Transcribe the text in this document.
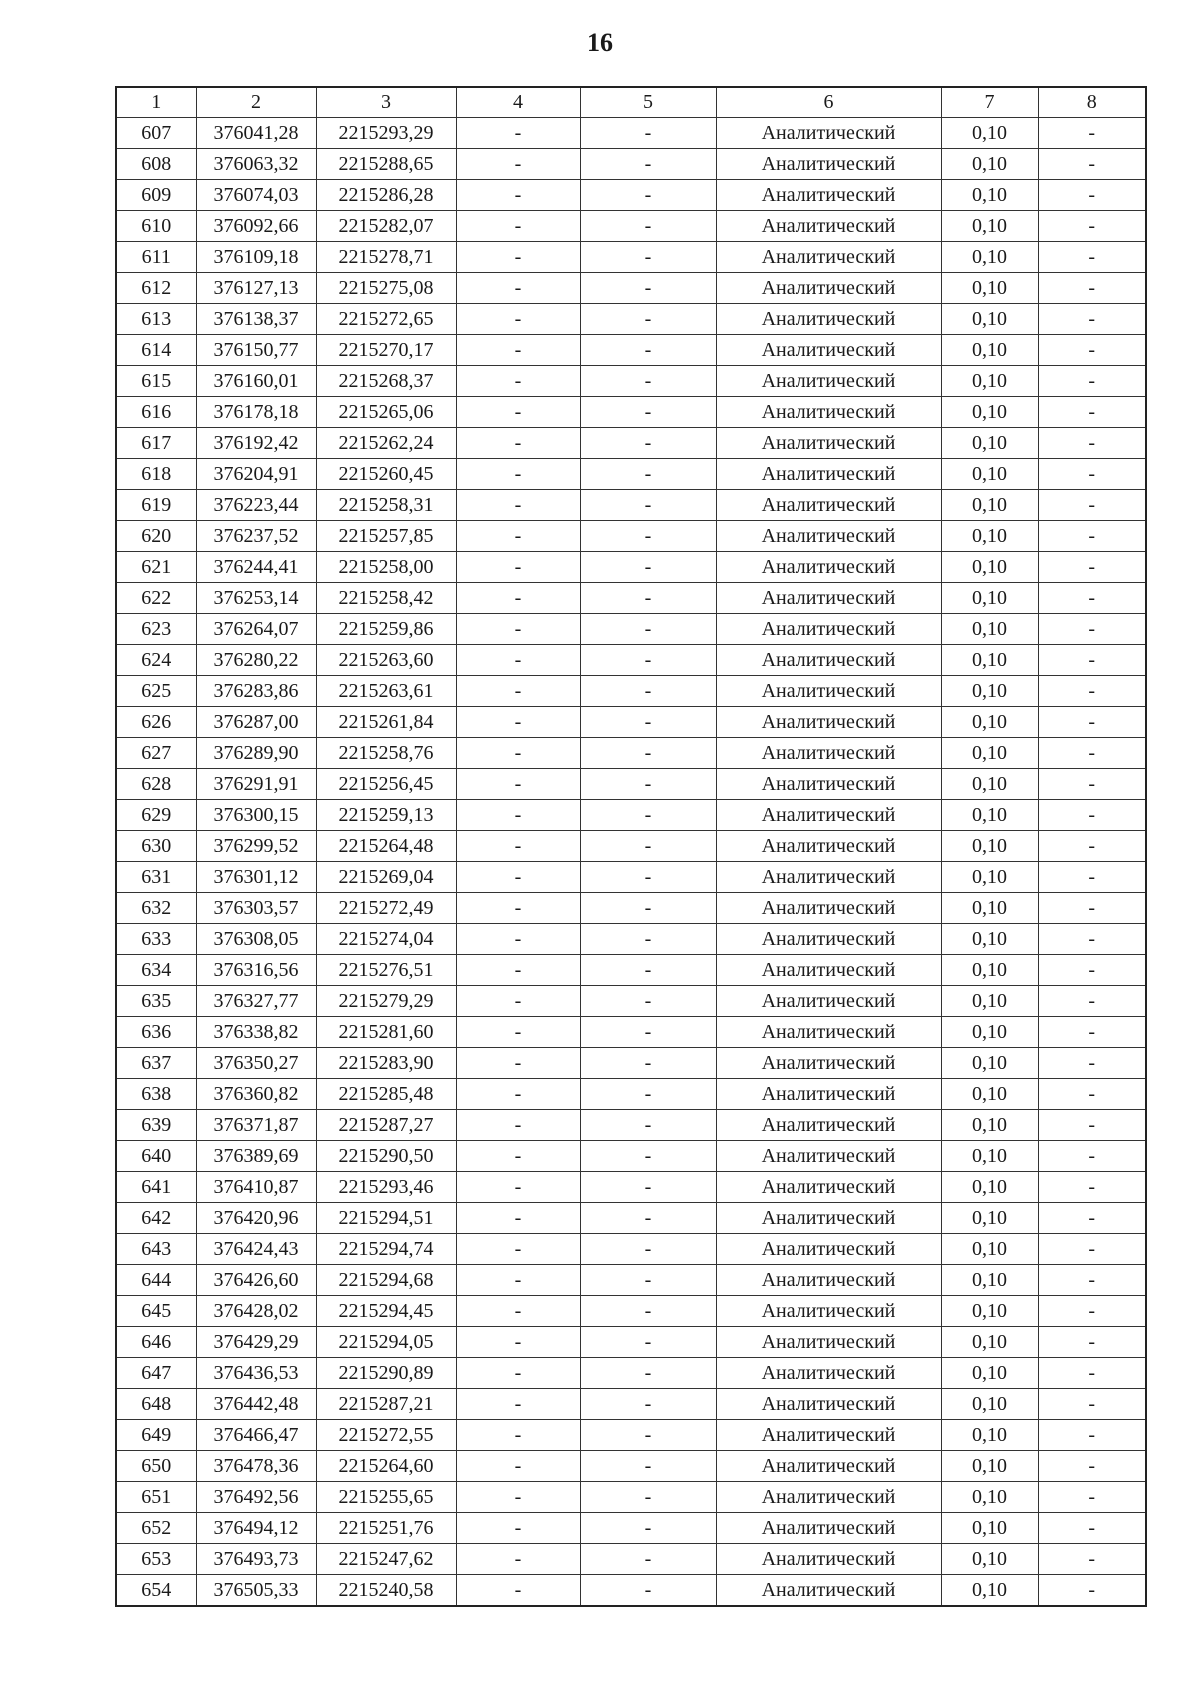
16
1	2	3	4	5	6	7	8
607	376041,28	2215293,29	-	-	Аналитический	0,10	-
608	376063,32	2215288,65	-	-	Аналитический	0,10	-
609	376074,03	2215286,28	-	-	Аналитический	0,10	-
610	376092,66	2215282,07	-	-	Аналитический	0,10	-
611	376109,18	2215278,71	-	-	Аналитический	0,10	-
612	376127,13	2215275,08	-	-	Аналитический	0,10	-
613	376138,37	2215272,65	-	-	Аналитический	0,10	-
614	376150,77	2215270,17	-	-	Аналитический	0,10	-
615	376160,01	2215268,37	-	-	Аналитический	0,10	-
616	376178,18	2215265,06	-	-	Аналитический	0,10	-
617	376192,42	2215262,24	-	-	Аналитический	0,10	-
618	376204,91	2215260,45	-	-	Аналитический	0,10	-
619	376223,44	2215258,31	-	-	Аналитический	0,10	-
620	376237,52	2215257,85	-	-	Аналитический	0,10	-
621	376244,41	2215258,00	-	-	Аналитический	0,10	-
622	376253,14	2215258,42	-	-	Аналитический	0,10	-
623	376264,07	2215259,86	-	-	Аналитический	0,10	-
624	376280,22	2215263,60	-	-	Аналитический	0,10	-
625	376283,86	2215263,61	-	-	Аналитический	0,10	-
626	376287,00	2215261,84	-	-	Аналитический	0,10	-
627	376289,90	2215258,76	-	-	Аналитический	0,10	-
628	376291,91	2215256,45	-	-	Аналитический	0,10	-
629	376300,15	2215259,13	-	-	Аналитический	0,10	-
630	376299,52	2215264,48	-	-	Аналитический	0,10	-
631	376301,12	2215269,04	-	-	Аналитический	0,10	-
632	376303,57	2215272,49	-	-	Аналитический	0,10	-
633	376308,05	2215274,04	-	-	Аналитический	0,10	-
634	376316,56	2215276,51	-	-	Аналитический	0,10	-
635	376327,77	2215279,29	-	-	Аналитический	0,10	-
636	376338,82	2215281,60	-	-	Аналитический	0,10	-
637	376350,27	2215283,90	-	-	Аналитический	0,10	-
638	376360,82	2215285,48	-	-	Аналитический	0,10	-
639	376371,87	2215287,27	-	-	Аналитический	0,10	-
640	376389,69	2215290,50	-	-	Аналитический	0,10	-
641	376410,87	2215293,46	-	-	Аналитический	0,10	-
642	376420,96	2215294,51	-	-	Аналитический	0,10	-
643	376424,43	2215294,74	-	-	Аналитический	0,10	-
644	376426,60	2215294,68	-	-	Аналитический	0,10	-
645	376428,02	2215294,45	-	-	Аналитический	0,10	-
646	376429,29	2215294,05	-	-	Аналитический	0,10	-
647	376436,53	2215290,89	-	-	Аналитический	0,10	-
648	376442,48	2215287,21	-	-	Аналитический	0,10	-
649	376466,47	2215272,55	-	-	Аналитический	0,10	-
650	376478,36	2215264,60	-	-	Аналитический	0,10	-
651	376492,56	2215255,65	-	-	Аналитический	0,10	-
652	376494,12	2215251,76	-	-	Аналитический	0,10	-
653	376493,73	2215247,62	-	-	Аналитический	0,10	-
654	376505,33	2215240,58	-	-	Аналитический	0,10	-
